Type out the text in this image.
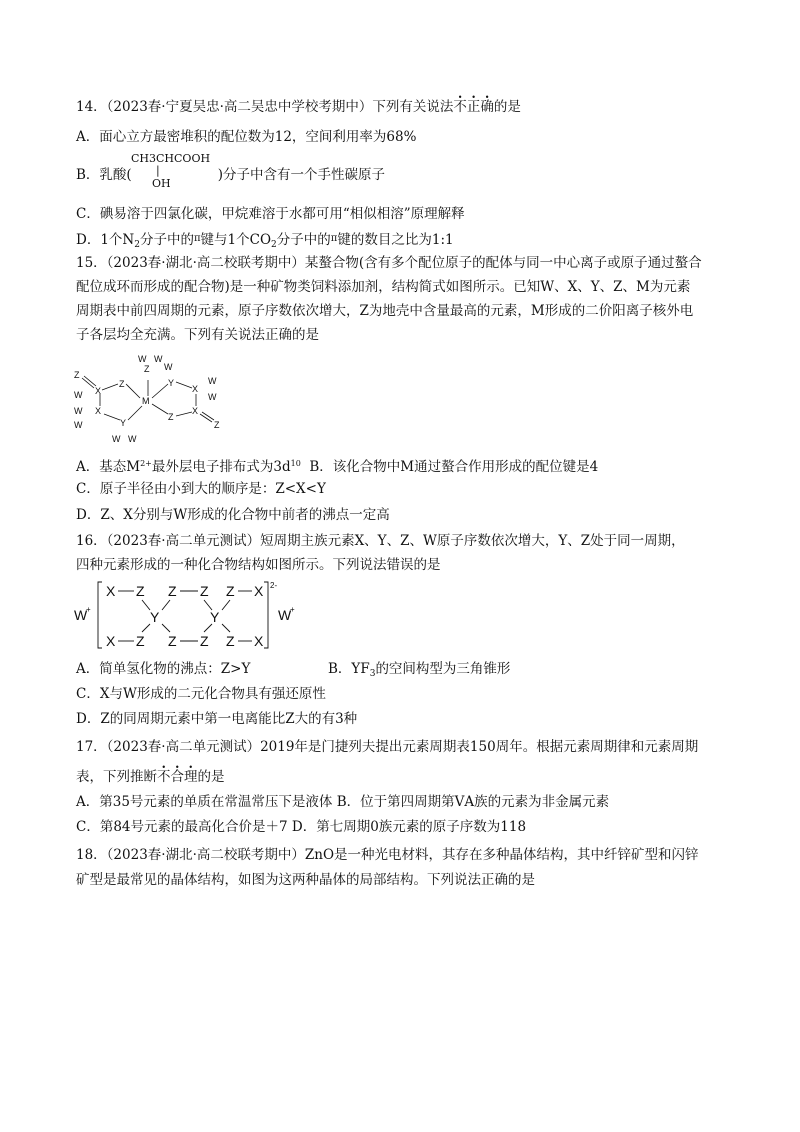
14．（2023春·宁夏吴忠·高二吴忠中学校考期中）下列有关说法不正确的是
A．面心立方最密堆积的配位数为12，空间利用率为68%
B．乳酸(	)分子中含有一个手性碳原子
CH3CHCOOH
|
OH
C．碘易溶于四氯化碳，甲烷难溶于水都可用“相似相溶”原理解释
D．1个$N_2$分子中的$^\pi$键与1个$CO_2$分子中的$^\pi$键的数目之比为1:1
15．（2023春·湖北·高二校联考期中）某螯合物(含有多个配位原子的配体与同一中心离子或原子通过螯合
配位成环而形成的配合物)是一种矿物类饲料添加剂，结构简式如图所示。已知W、X、Y、Z、M为元素
周期表中前四周期的元素，原子序数依次增大，Z为地壳中含量最高的元素，M形成的二价阳离子核外电
子各层均全充满。下列有关说法正确的是
Z
X
Z
W
W X
W	Y
W W
M
W W
Z
Y
W
X
W
W
Z
X
Z
A．基态$M^{2+}$最外层电子排布式为$3d^{10}$  B．该化合物中M通过螯合作用形成的配位键是4
C．原子半径由小到大的顺序是：Z<X<Y
D．Z、X分别与W形成的化合物中前者的沸点一定高
16．（2023春·高二单元测试）短周期主族元素X、Y、Z、W原子序数依次增大，Y、Z处于同一周期，
四种元素形成的一种化合物结构如图所示。下列说法错误的是
W
+
X Z Z Z Z X
Y	Y
X Z Z Z Z X
2-
W
+
A．简单氢化物的沸点：Z>Y	B．$YF_3$的空间构型为三角锥形
C．X与W形成的二元化合物具有强还原性
D．Z的同周期元素中第一电离能比Z大的有3种
17．（2023春·高二单元测试）2019年是门捷列夫提出元素周期表150周年。根据元素周期律和元素周期
表，下列推断不合理的是
A．第35号元素的单质在常温常压下是液体 B．位于第四周期第ⅤA族的元素为非金属元素
C．第84号元素的最高化合价是＋7 D．第七周期0族元素的原子序数为118
18．（2023春·湖北·高二校联考期中）ZnO是一种光电材料，其存在多种晶体结构，其中纤锌矿型和闪锌
矿型是最常见的晶体结构，如图为这两种晶体的局部结构。下列说法正确的是
